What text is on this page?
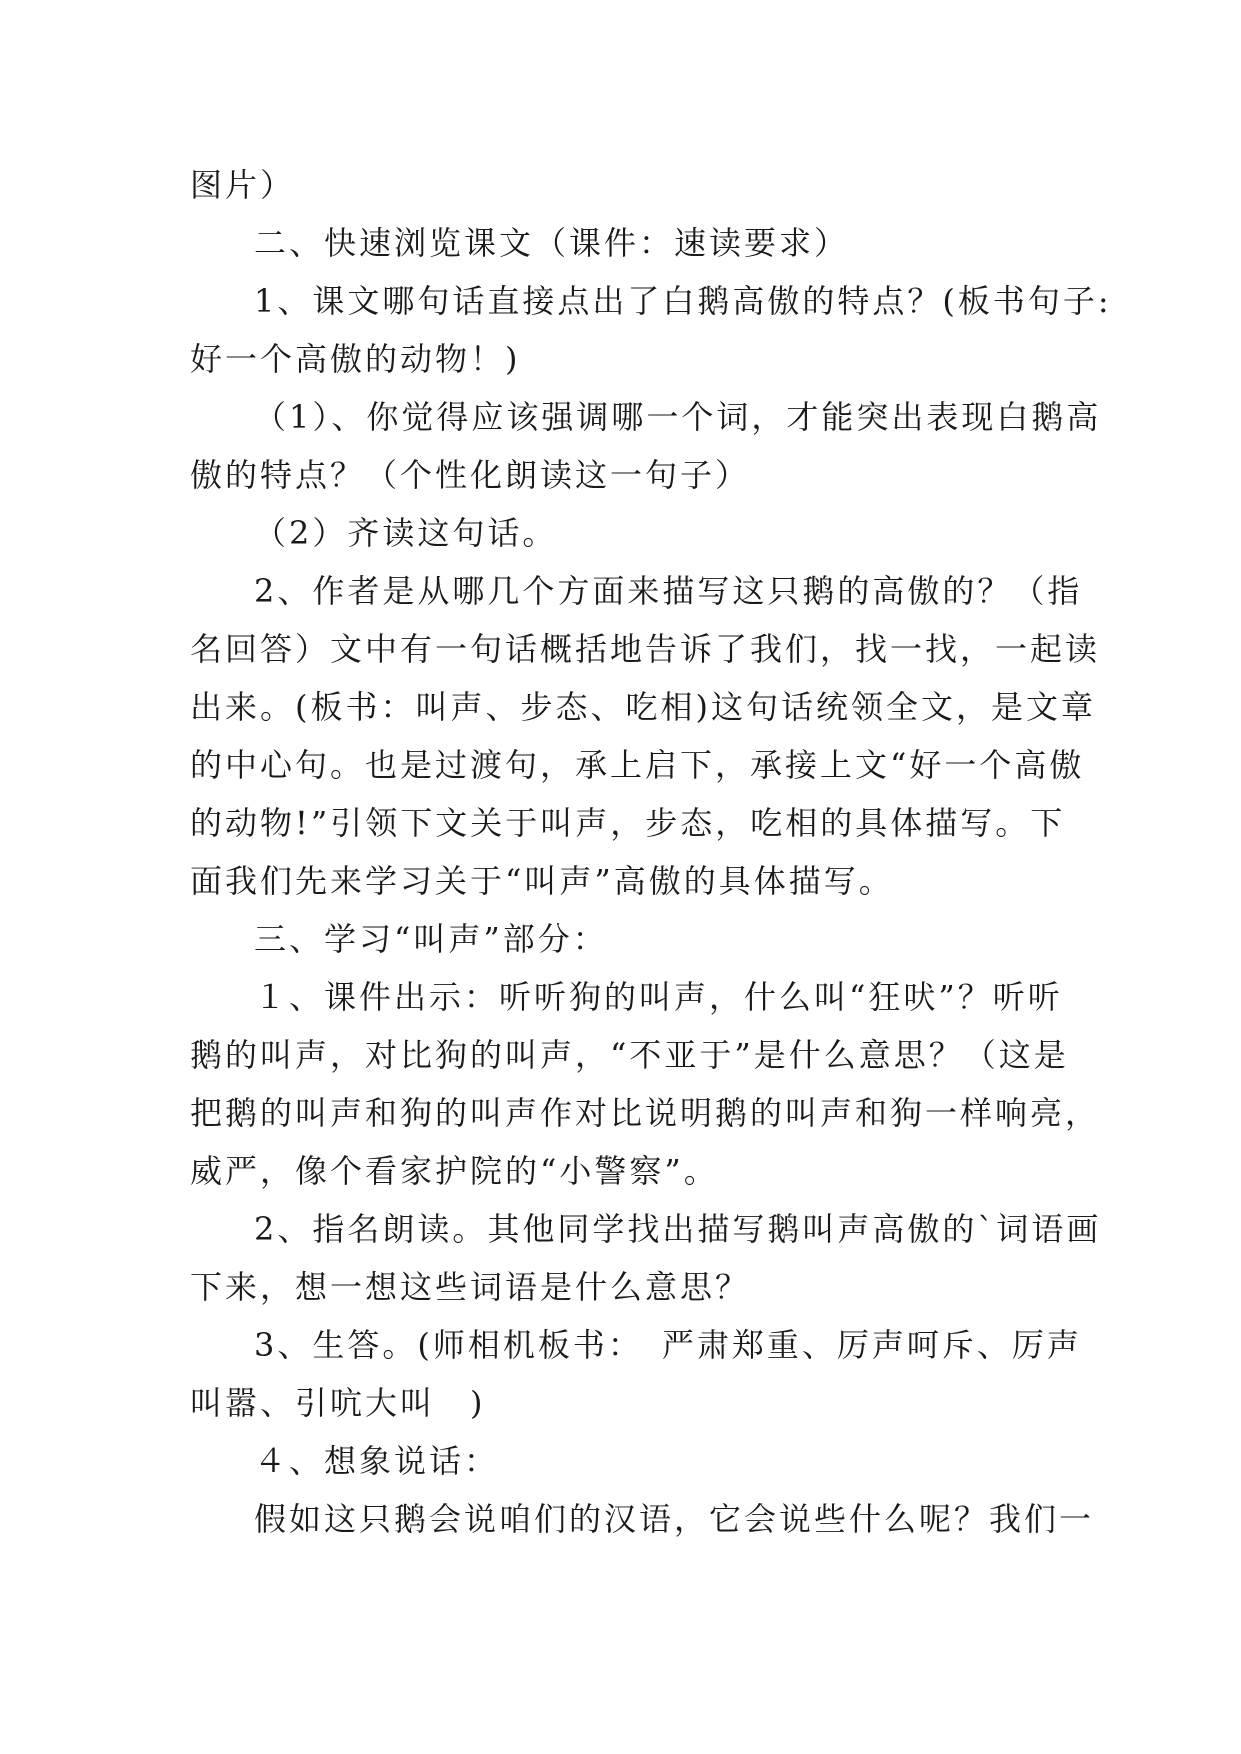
图片）
二、快速浏览课文（课件：速读要求）
1、课文哪句话直接点出了白鹅高傲的特点？(板书句子:
好一个高傲的动物！)
（1）、你觉得应该强调哪一个词，才能突出表现白鹅高
傲的特点？（个性化朗读这一句子）
（2）齐读这句话。
2、作者是从哪几个方面来描写这只鹅的高傲的？（指
名回答）文中有一句话概括地告诉了我们，找一找，一起读
出来。(板书：叫声、步态、吃相)这句话统领全文，是文章
的中心句。也是过渡句，承上启下，承接上文“好一个高傲
的动物!”引领下文关于叫声，步态，吃相的具体描写。下
面我们先来学习关于“叫声”高傲的具体描写。
三、学习“叫声”部分：
１、课件出示：听听狗的叫声，什么叫“狂吠”？听听
鹅的叫声，对比狗的叫声，“不亚于”是什么意思？（这是
把鹅的叫声和狗的叫声作对比说明鹅的叫声和狗一样响亮，
威严，像个看家护院的“小警察”。
2、指名朗读。其他同学找出描写鹅叫声高傲的`词语画
下来，想一想这些词语是什么意思？
3、生答。(师相机板书：　严肃郑重、厉声呵斥、厉声
叫嚣、引吭大叫　)
４、想象说话：
假如这只鹅会说咱们的汉语，它会说些什么呢？我们一
